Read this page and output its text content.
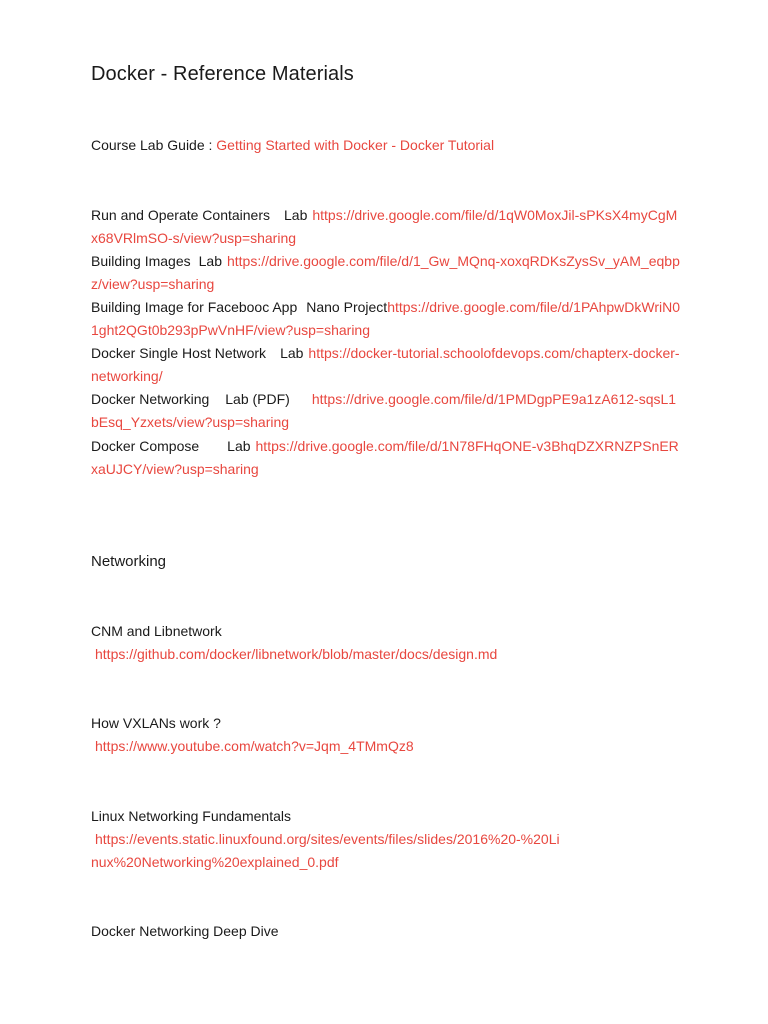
Docker - Reference Materials
Course Lab Guide : Getting Started with Docker - Docker Tutorial
Run and Operate Containers Lab https://drive.google.com/file/d/1qW0MoxJil-sPKsX4myCgMx68VRlmSO-s/view?usp=sharing
Building Images Lab https://drive.google.com/file/d/1_Gw_MQnq-xoxqRDKsZysSv_yAM_eqbpz/view?usp=sharing
Building Image for Facebooc App Nano Projecthttps://drive.google.com/file/d/1PAhpwDkWriN01ght2QGt0b293pPwVnHF/view?usp=sharing
Docker Single Host Network Lab https://docker-tutorial.schoolofdevops.com/chapterx-docker-networking/
Docker Networking Lab (PDF) https://drive.google.com/file/d/1PMDgpPE9a1zA612-sqsL1bEsq_Yzxets/view?usp=sharing
Docker Compose Lab https://drive.google.com/file/d/1N78FHqONE-v3BhqDZXRNZPSnERxaUJCY/view?usp=sharing
Networking
CNM and Libnetwork
https://github.com/docker/libnetwork/blob/master/docs/design.md
How VXLANs work ?
https://www.youtube.com/watch?v=Jqm_4TMmQz8
Linux Networking Fundamentals
https://events.static.linuxfound.org/sites/events/files/slides/2016%20-%20Linux%20Networking%20explained_0.pdf
Docker Networking Deep Dive
